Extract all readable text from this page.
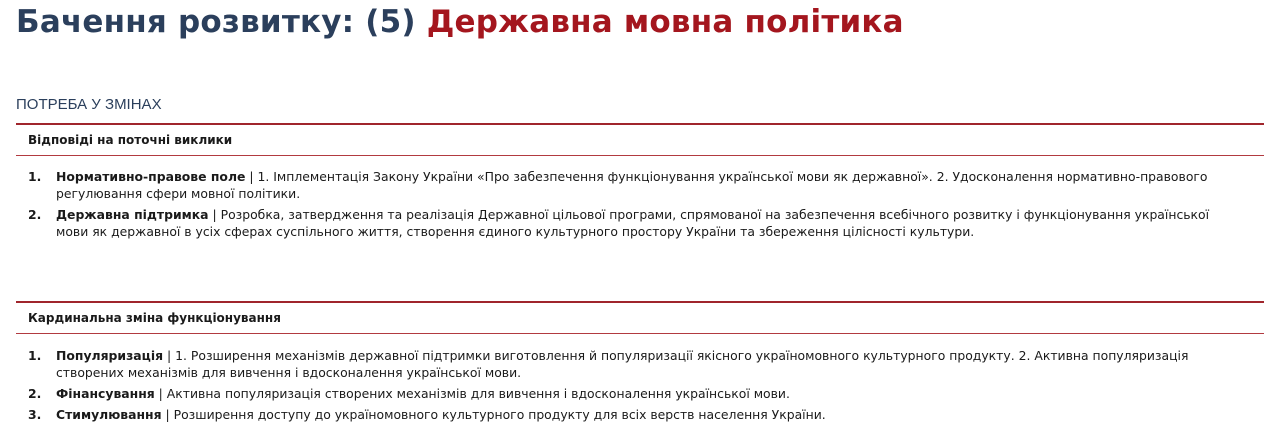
Бачення розвитку: (5) Державна мовна політика
ПОТРЕБА У ЗМІНАХ
Відповіді на поточні виклики
1. Нормативно-правове поле | 1. Імплементація Закону України «Про забезпечення функціонування української мови як державної». 2. Удосконалення нормативно-правового регулювання сфери мовної політики.
2. Державна підтримка | Розробка, затвердження та реалізація Державної цільової програми, спрямованої на забезпечення всебічного розвитку і функціонування української мови як державної в усіх сферах суспільного життя, створення єдиного культурного простору України та збереження цілісності культури.
Кардинальна зміна функціонування
1. Популяризація | 1. Розширення механізмів державної підтримки виготовлення й популяризації якісного україномовного культурного продукту. 2. Активна популяризація створених механізмів для вивчення і вдосконалення української мови.
2. Фінансування | Активна популяризація створених механізмів для вивчення і вдосконалення української мови.
3. Стимулювання | Розширення доступу до україномовного культурного продукту для всіх верств населення України.
